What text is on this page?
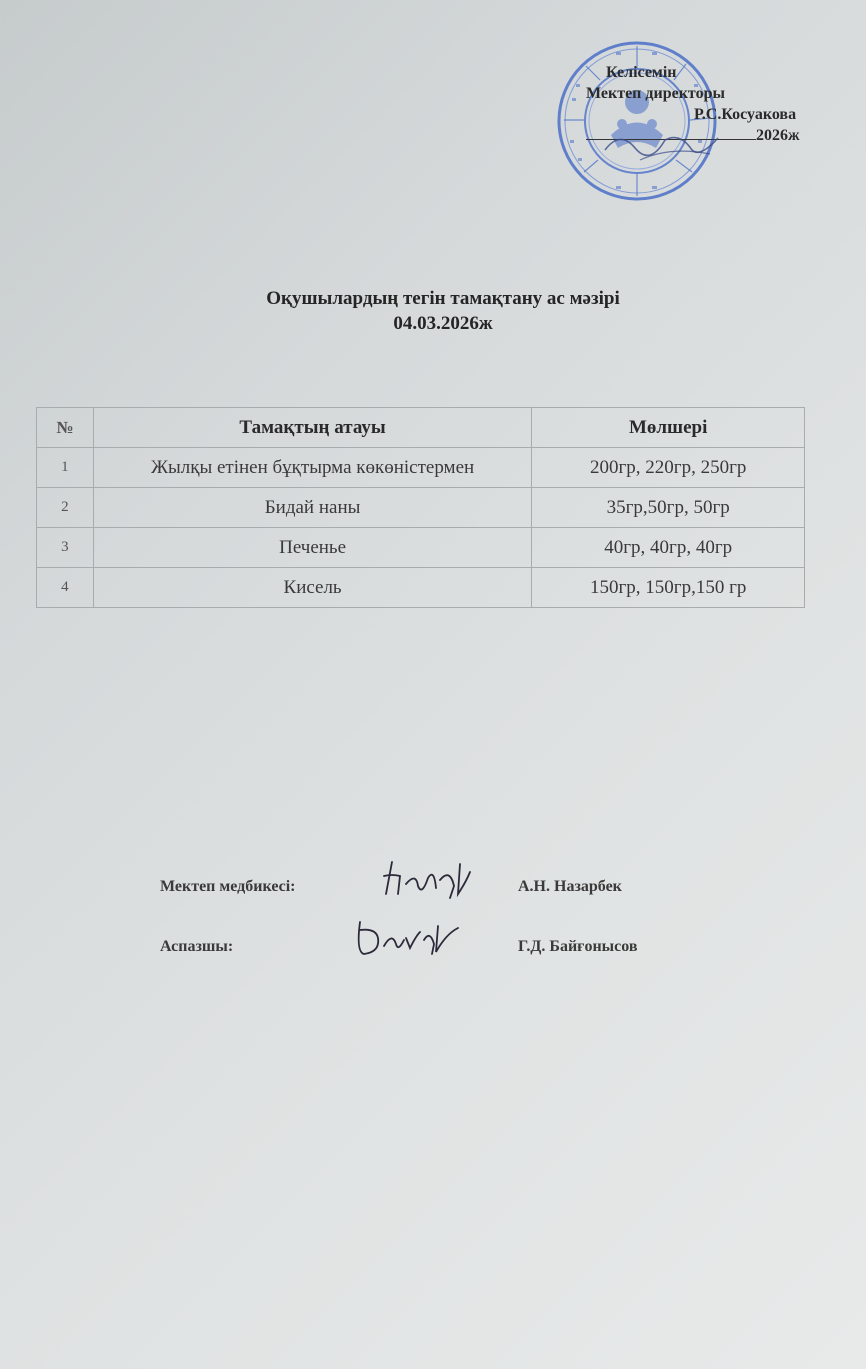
Келісемін
Мектеп директоры
Р.С.Косуакова
2026ж
Оқушылардың тегін тамақтану ас мәзірі
04.03.2026ж
№	Тамақтың атауы	Мөлшері
1	Жылқы етінен бұқтырма көкөністермен	200гр, 220гр, 250гр
2	Бидай наны	35гр,50гр, 50гр
3	Печенье	40гр, 40гр, 40гр
4	Кисель	150гр, 150гр,150 гр
Мектеп медбикесі:	А.Н. Назарбек
Аспазшы:	Г.Д. Байғонысов
